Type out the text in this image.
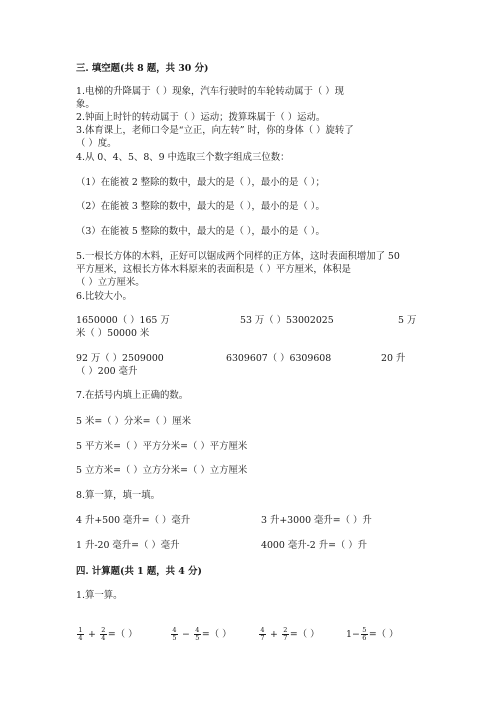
三. 填空题(共 8 题，共 30 分)
1.电梯的升降属于（ ）现象，汽车行驶时的车轮转动属于（ ）现
象。
2.钟面上时针的转动属于（ ）运动；拨算珠属于（ ）运动。
3.体育课上，老师口令是“立正，向左转” 时，你的身体（ ）旋转了
（ ）度。
4.从 0、4、5、8、9 中选取三个数字组成三位数：
（1）在能被 2 整除的数中，最大的是（ ），最小的是（ ）；
（2）在能被 3 整除的数中，最大的是（ ），最小的是（ ）。
（3）在能被 5 整除的数中，最大的是（ ），最小的是（ ）。
5.一根长方体的木料，正好可以锯成两个同样的正方体，这时表面积增加了 50
平方厘米，这根长方体木料原来的表面积是（ ）平方厘米，体积是
（ ）立方厘米。
6.比较大小。
1650000（ ）165 万	53 万（ ）53002025	5 万
米（ ）50000 米
92 万（ ）2509000	6309607（ ）6309608	20 升
（ ）200 毫升
7.在括号内填上正确的数。
5 米=（ ）分米=（ ）厘米
5 平方米=（ ）平方分米=（ ）平方厘米
5 立方米=（ ）立方分米=（ ）立方厘米
8.算一算，填一填。
4 升+500 毫升=（ ）毫升	3 升+3000 毫升=（ ）升
1 升-20 毫升=（ ）毫升	4000 毫升-2 升=（ ）升
四. 计算题(共 1 题，共 4 分)
1.算一算。
$\frac{1}{4} + \frac{2}{4}$ =（ ）	$\frac{4}{5} - \frac{4}{5}$ =（ ）	$\frac{4}{7} + \frac{2}{7}$ =（ ）	$1- \frac{5}{6}$ =（ ）
